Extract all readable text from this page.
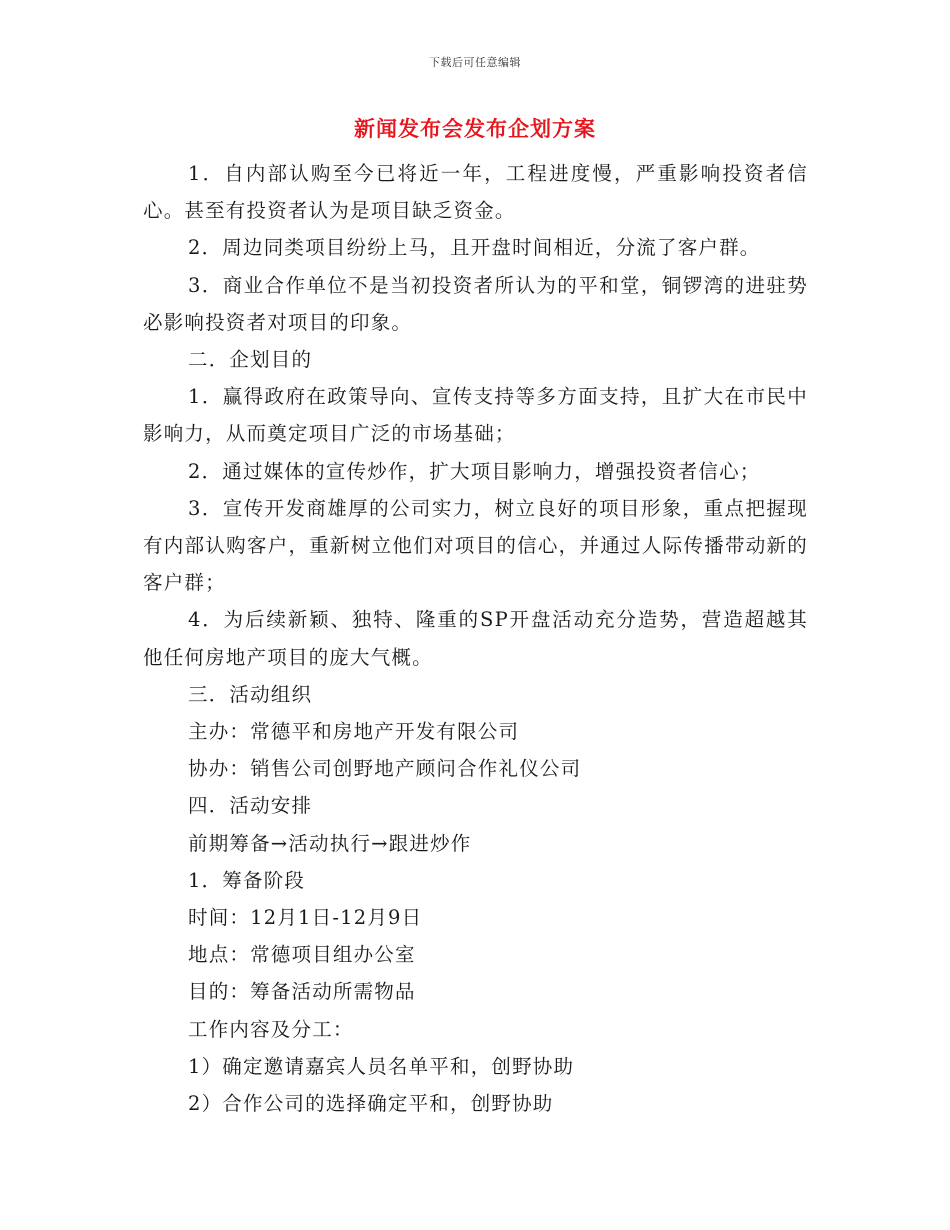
下载后可任意编辑
新闻发布会发布企划方案

1．自内部认购至今已将近一年，工程进度慢，严重影响投资者信心。甚至有投资者认为是项目缺乏资金。

2．周边同类项目纷纷上马，且开盘时间相近，分流了客户群。

3．商业合作单位不是当初投资者所认为的平和堂，铜锣湾的进驻势必影响投资者对项目的印象。

二．企划目的

1．赢得政府在政策导向、宣传支持等多方面支持，且扩大在市民中影响力，从而奠定项目广泛的市场基础；

2．通过媒体的宣传炒作，扩大项目影响力，增强投资者信心；

3．宣传开发商雄厚的公司实力，树立良好的项目形象，重点把握现有内部认购客户，重新树立他们对项目的信心，并通过人际传播带动新的客户群；

4．为后续新颖、独特、隆重的SP开盘活动充分造势，营造超越其他任何房地产项目的庞大气概。

三．活动组织

主办：常德平和房地产开发有限公司

协办：销售公司创野地产顾问合作礼仪公司

四．活动安排

前期筹备→活动执行→跟进炒作

1．筹备阶段

时间：12月1日-12月9日

地点：常德项目组办公室

目的：筹备活动所需物品

工作内容及分工：

1）确定邀请嘉宾人员名单平和，创野协助

2）合作公司的选择确定平和，创野协助
